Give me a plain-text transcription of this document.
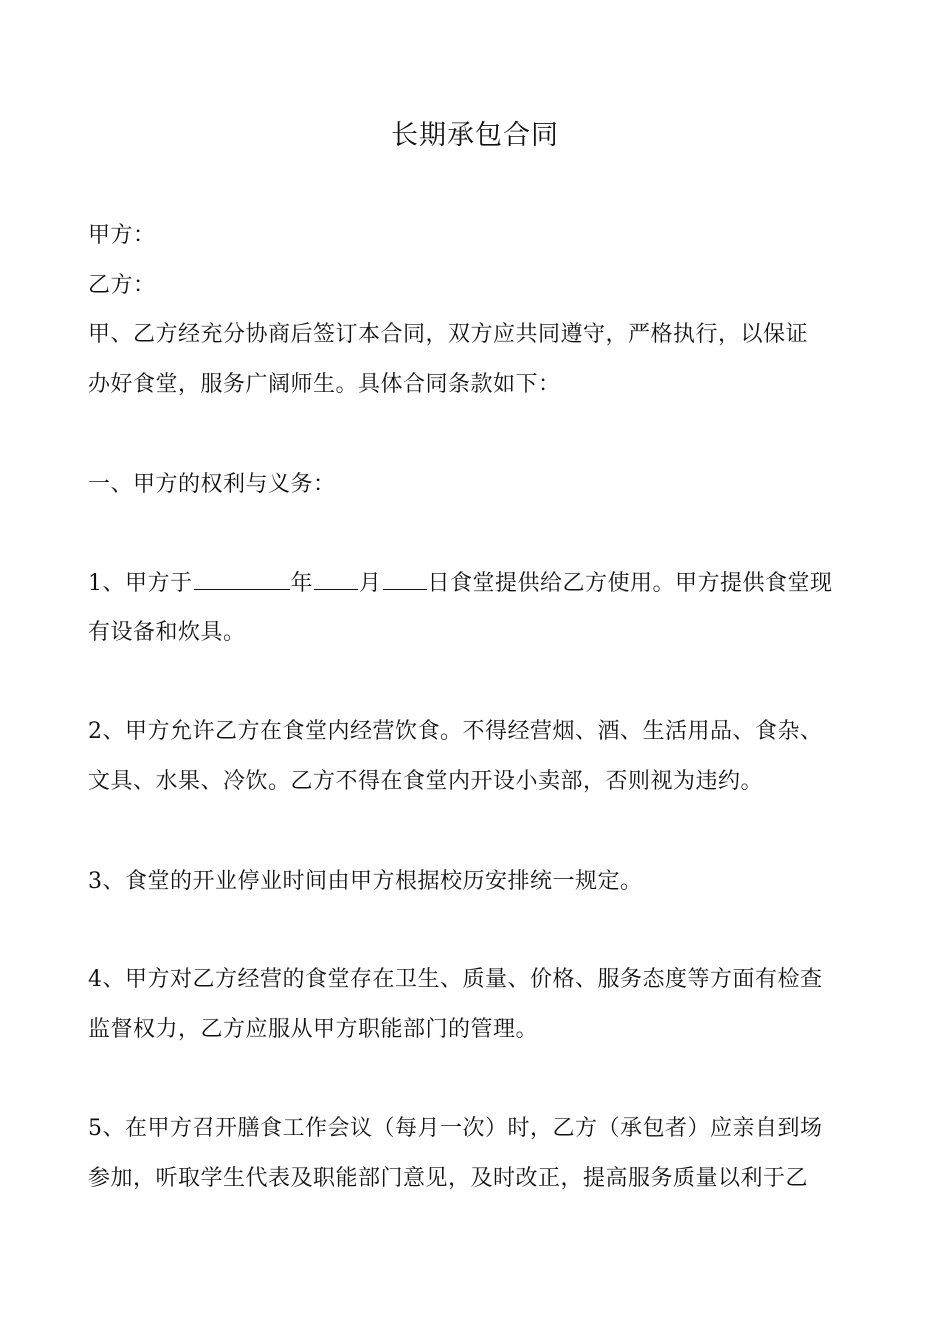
长期承包合同
甲方：
乙方：
甲、乙方经充分协商后签订本合同，双方应共同遵守，严格执行，以保证
办好食堂，服务广阔师生。具体合同条款如下：
一、甲方的权利与义务：
1、甲方于	年 月 日食堂提供给乙方使用。甲方提供食堂现
有设备和炊具。
2、甲方允许乙方在食堂内经营饮食。不得经营烟、酒、生活用品、食杂、
文具、水果、冷饮。乙方不得在食堂内开设小卖部，否则视为违约。
3、食堂的开业停业时间由甲方根据校历安排统一规定。
4、甲方对乙方经营的食堂存在卫生、质量、价格、服务态度等方面有检查
监督权力，乙方应服从甲方职能部门的管理。
5、在甲方召开膳食工作会议（每月一次）时，乙方（承包者）应亲自到场
参加，听取学生代表及职能部门意见，及时改正，提高服务质量以利于乙
